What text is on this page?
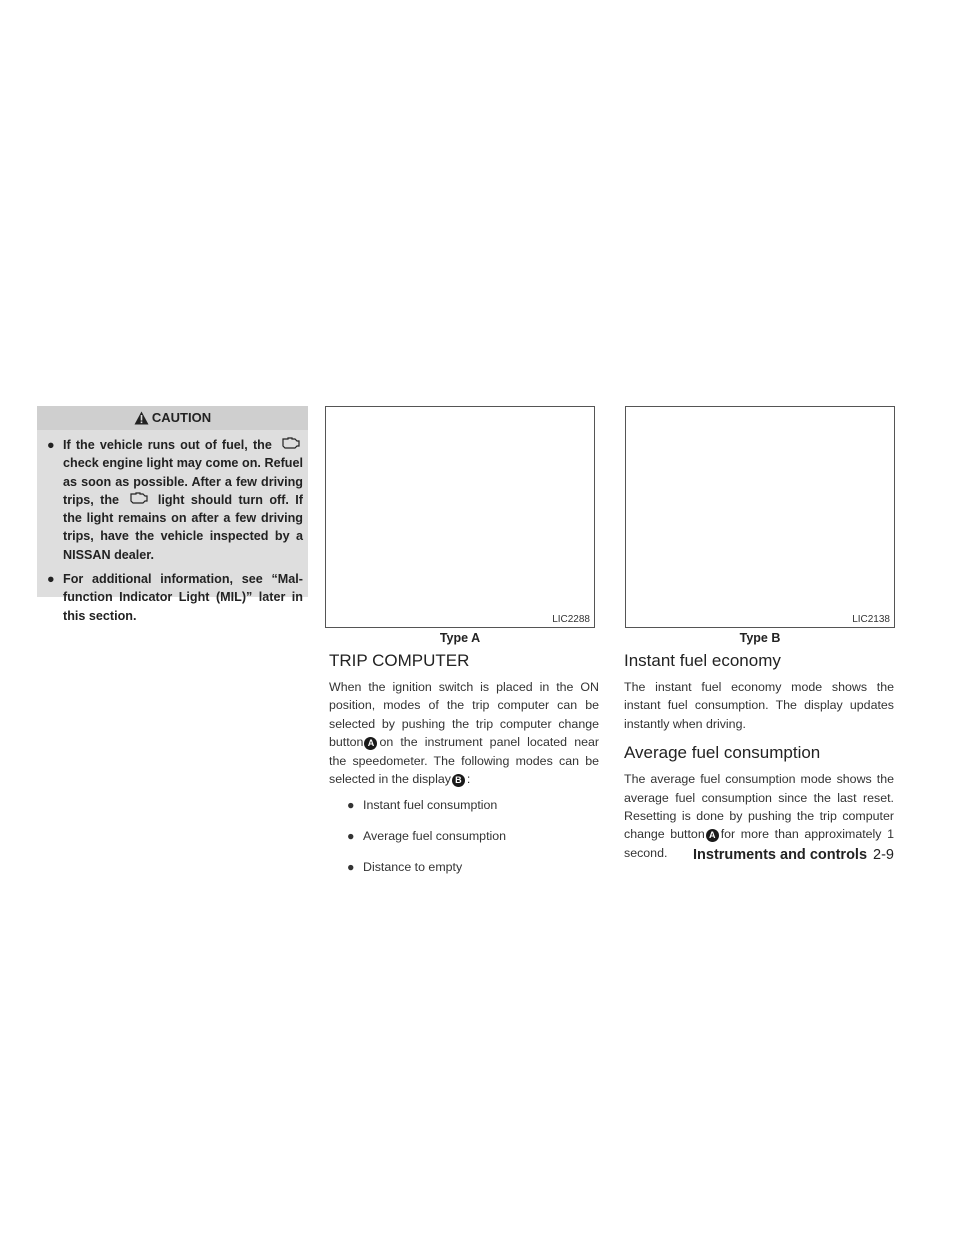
CAUTION
● If the vehicle runs out of fuel, the  check engine light may come on. Refuel as soon as possible. After a few driving trips, the	light should turn off. If the light remains on after a few driving trips, have the vehicle inspected by a NISSAN dealer.
● For additional information, see “Mal-function Indicator Light (MIL)” later in this section.	LIC2288
Type A
LIC2138
Type B
TRIP COMPUTER

When the ignition switch is placed in the ON position, modes of the trip computer can be selected by pushing the trip computer change button A on the instrument panel located near the speedometer. The following modes can be selected in the display B :

● Instant fuel consumption
● Average fuel consumption
● Distance to empty
Instant fuel economy

The instant fuel economy mode shows the instant fuel consumption. The display updates instantly when driving.

Average fuel consumption

The average fuel consumption mode shows the average fuel consumption since the last reset. Resetting is done by pushing the trip computer change button A for more than approximately 1 second.	Instruments and controls 2-9
